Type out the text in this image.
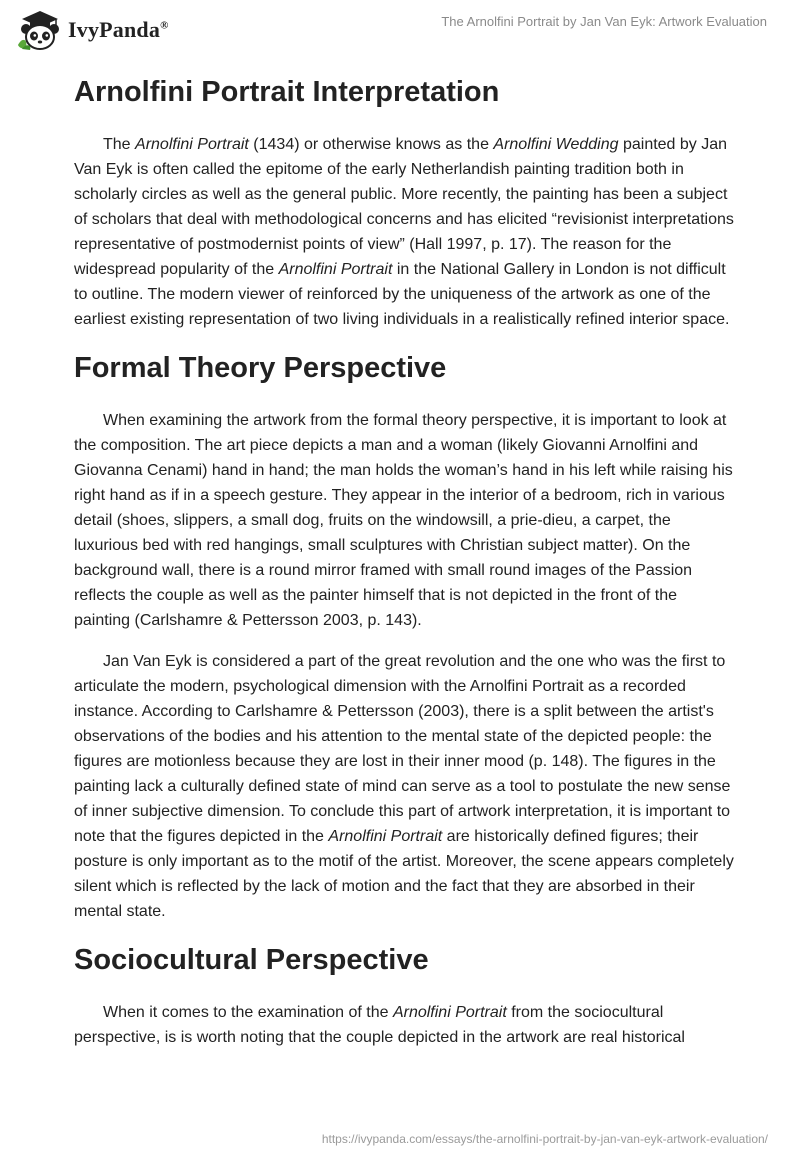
IvyPanda®	The Arnolfini Portrait by Jan Van Eyk: Artwork Evaluation
Arnolfini Portrait Interpretation

The Arnolfini Portrait (1434) or otherwise knows as the Arnolfini Wedding painted by Jan Van Eyk is often called the epitome of the early Netherlandish painting tradition both in scholarly circles as well as the general public. More recently, the painting has been a subject of scholars that deal with methodological concerns and has elicited “revisionist interpretations representative of postmodernist points of view” (Hall 1997, p. 17). The reason for the widespread popularity of the Arnolfini Portrait in the National Gallery in London is not difficult to outline. The modern viewer of reinforced by the uniqueness of the artwork as one of the earliest existing representation of two living individuals in a realistically refined interior space.

Formal Theory Perspective

When examining the artwork from the formal theory perspective, it is important to look at the composition. The art piece depicts a man and a woman (likely Giovanni Arnolfini and Giovanna Cenami) hand in hand; the man holds the woman’s hand in his left while raising his right hand as if in a speech gesture. They appear in the interior of a bedroom, rich in various detail (shoes, slippers, a small dog, fruits on the windowsill, a prie-dieu, a carpet, the luxurious bed with red hangings, small sculptures with Christian subject matter). On the background wall, there is a round mirror framed with small round images of the Passion reflects the couple as well as the painter himself that is not depicted in the front of the painting (Carlshamre & Pettersson 2003, p. 143).

Jan Van Eyk is considered a part of the great revolution and the one who was the first to articulate the modern, psychological dimension with the Arnolfini Portrait as a recorded instance. According to Carlshamre & Pettersson (2003), there is a split between the artist's observations of the bodies and his attention to the mental state of the depicted people: the figures are motionless because they are lost in their inner mood (p. 148). The figures in the painting lack a culturally defined state of mind can serve as a tool to postulate the new sense of inner subjective dimension. To conclude this part of artwork interpretation, it is important to note that the figures depicted in the Arnolfini Portrait are historically defined figures; their posture is only important as to the motif of the artist. Moreover, the scene appears completely silent which is reflected by the lack of motion and the fact that they are absorbed in their mental state.

Sociocultural Perspective

When it comes to the examination of the Arnolfini Portrait from the sociocultural perspective, is is worth noting that the couple depicted in the artwork are real historical

https://ivypanda.com/essays/the-arnolfini-portrait-by-jan-van-eyk-artwork-evaluation/
